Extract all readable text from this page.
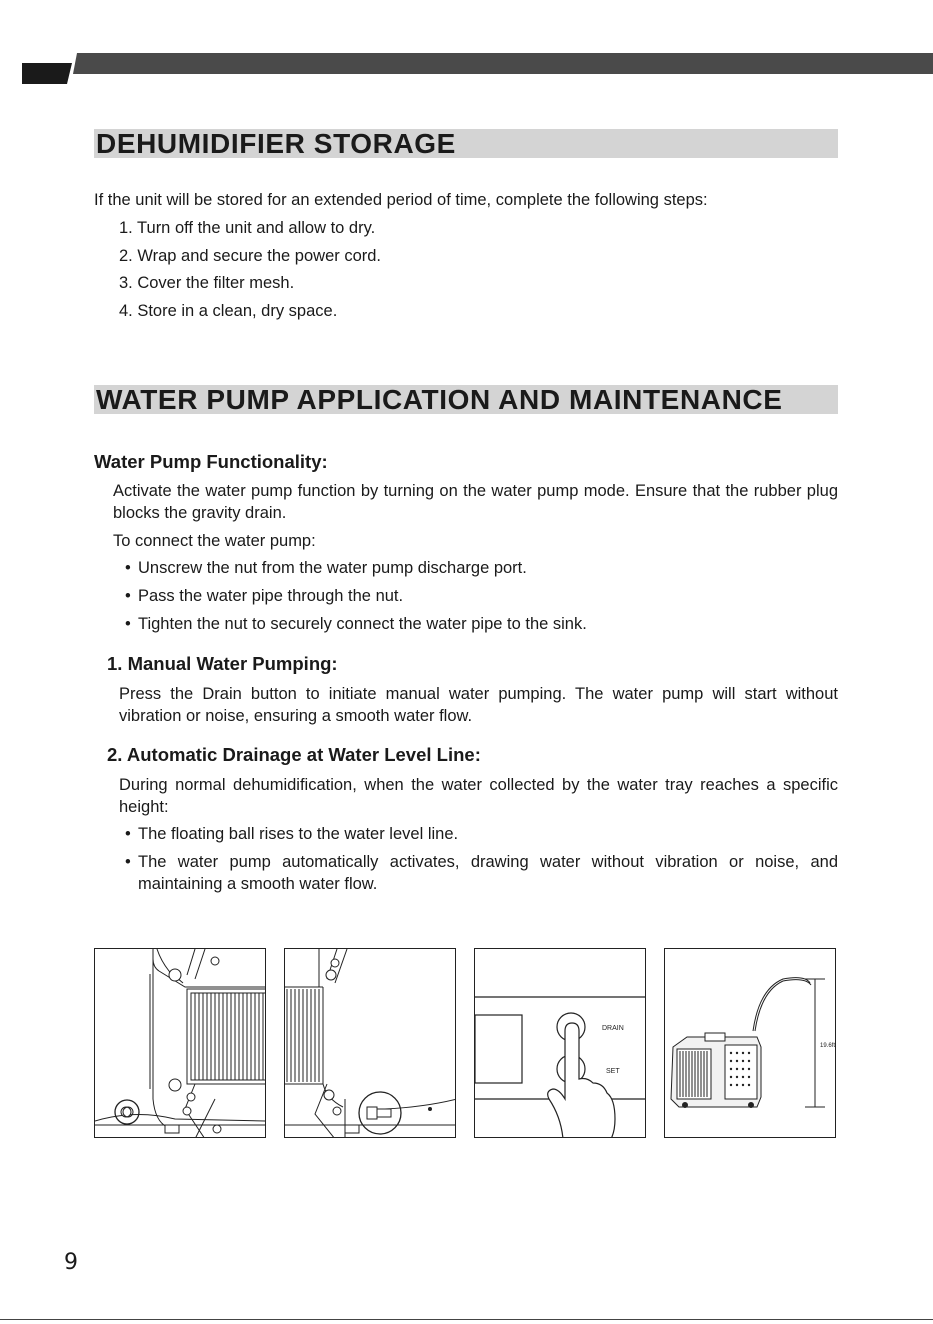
DEHUMIDIFIER STORAGE
If the unit will be stored for an extended period of time, complete the following steps:
1. Turn off the unit and allow to dry.
2. Wrap and secure the power cord.
3. Cover the filter mesh.
4. Store in a clean, dry space.
WATER PUMP APPLICATION AND MAINTENANCE
Water Pump Functionality:
Activate the water pump function by turning on the water pump mode. Ensure that the rubber plug blocks the gravity drain.
To connect the water pump:
• Unscrew the nut from the water pump discharge port.
• Pass the water pipe through the nut.
• Tighten the nut to securely connect the water pipe to the sink.
1. Manual Water Pumping:
Press the Drain button to initiate manual water pumping. The water pump will start without vibration or noise, ensuring a smooth water flow.
2. Automatic Drainage at Water Level Line:
During normal dehumidification, when the water collected by the water tray reaches a specific height:
• The floating ball rises to the water level line.
• The water pump automatically activates, drawing water without vibration or noise, and maintaining a smooth water flow.
DRAIN
SET
19.6ft
9
